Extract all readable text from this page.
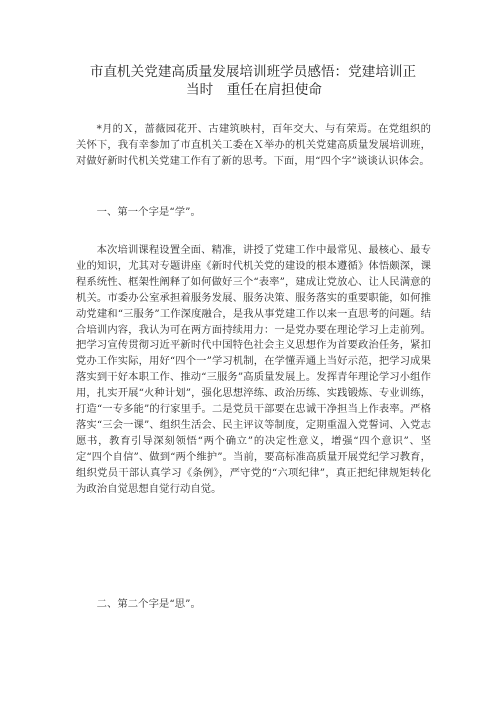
市直机关党建高质量发展培训班学员感悟：党建培训正
当时　重任在肩担使命

*月的Ｘ，蔷薇园花开、古建筑映村，百年交大、与有荣焉。在党组织的关怀下，我有幸参加了市直机关工委在Ｘ举办的机关党建高质量发展培训班，对做好新时代机关党建工作有了新的思考。下面，用“四个字”谈谈认识体会。

一、第一个字是“学”。

本次培训课程设置全面、精准，讲授了党建工作中最常见、最核心、最专业的知识，尤其对专题讲座《新时代机关党的建设的根本遵循》体悟颇深，课程系统性、框架性阐释了如何做好三个“表率”，建成让党放心、让人民满意的机关。市委办公室承担着服务发展、服务决策、服务落实的重要职能，如何推动党建和“三服务”工作深度融合，是我从事党建工作以来一直思考的问题。结合培训内容，我认为可在两方面持续用力：一是党办要在理论学习上走前列。把学习宣传贯彻习近平新时代中国特色社会主义思想作为首要政治任务，紧扣党办工作实际，用好“四个一”学习机制，在学懂弄通上当好示范，把学习成果落实到干好本职工作、推动“三服务”高质量发展上。发挥青年理论学习小组作用，扎实开展“火种计划”，强化思想淬练、政治历练、实践锻炼、专业训练，打造“一专多能”的行家里手。二是党员干部要在忠诚干净担当上作表率。严格落实“三会一课”、组织生活会、民主评议等制度，定期重温入党誓词、入党志愿书，教育引导深刻领悟“两个确立”的决定性意义，增强“四个意识”、坚定“四个自信”、做到“两个维护”。当前，要高标准高质量开展党纪学习教育，组织党员干部认真学习《条例》，严守党的“六项纪律”，真正把纪律规矩转化为政治自觉思想自觉行动自觉。

二、第二个字是“思”。
